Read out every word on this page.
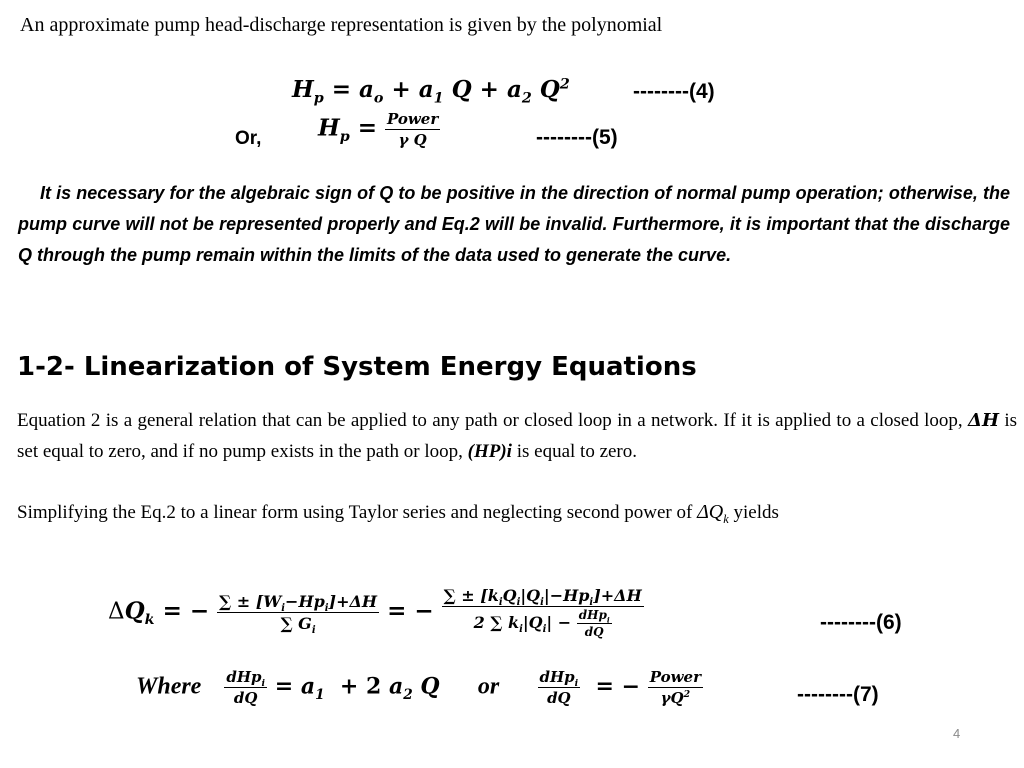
An approximate pump head-discharge representation is given by the polynomial
$H_p = a_o + a_1$ $Q + a_2$ $Q^2$	--------(4)
Or, $H_p = \frac{\text{Power}}{\text{γ Q}}$	--------(5)
It is necessary for the algebraic sign of Q to be positive in the direction of normal pump operation; otherwise, the pump curve will not be represented properly and Eq.2 will be invalid. Furthermore, it is important that the discharge Q through the pump remain within the limits of the data used to generate the curve.
1-2- Linearization of System Energy Equations
Equation 2 is a general relation that can be applied to any path or closed loop in a network. If it is applied to a closed loop, ΔH is set equal to zero, and if no pump exists in the path or loop, (HP)i is equal to zero.
Simplifying the Eq.2 to a linear form using Taylor series and neglecting second power of $\Delta Q_k$ yields
$\Delta Q_k$ = − $\frac{\sum \pm [W_i-Hp_i]+\Delta H}{\sum G_i}$ = − $\frac{\sum \pm [k_iQ_i|Q_i|-Hp_i]+\Delta H}{2 \sum k_i|Q_i| - \frac{dHp_i}{dQ}}$	--------(6)
Where $\frac{dHp_i}{dQ} = a_1 + 2$ $a_2$ Q or	$\frac{dHp_i}{dQ}$ = − $\frac{\text{Power}}{\gamma Q^2}$	--------(7)
4
